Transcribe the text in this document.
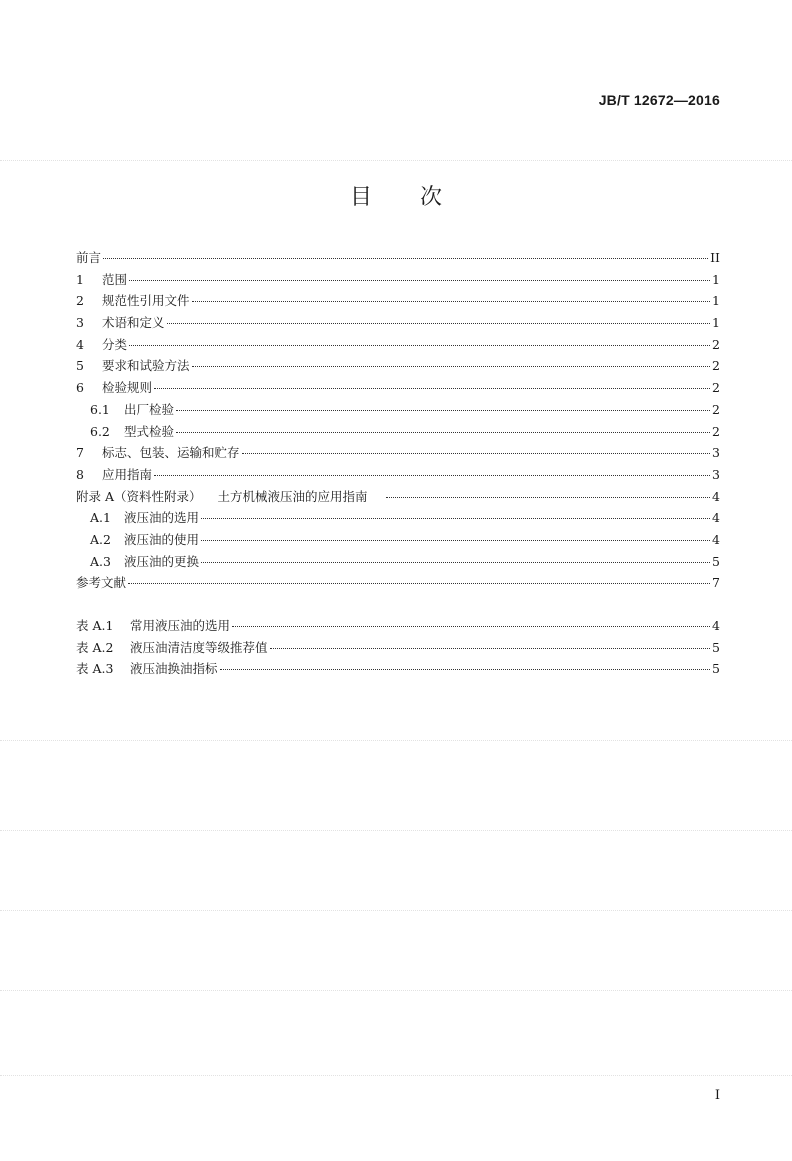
JB/T 12672—2016
目 次
前言	II
1	范围	1
2	规范性引用文件	1
3	术语和定义	1
4	分类	2
5	要求和试验方法	2
6	检验规则	2
6.1	出厂检验	2
6.2	型式检验	2
7	标志、包装、运输和贮存	3
8	应用指南	3
附录 A（资料性附录） 土方机械液压油的应用指南	4
A.1	液压油的选用	4
A.2	液压油的使用	4
A.3	液压油的更换	5
参考文献	7
表 A.1	常用液压油的选用	4
表 A.2	液压油清洁度等级推荐值	5
表 A.3	液压油换油指标	5
I
